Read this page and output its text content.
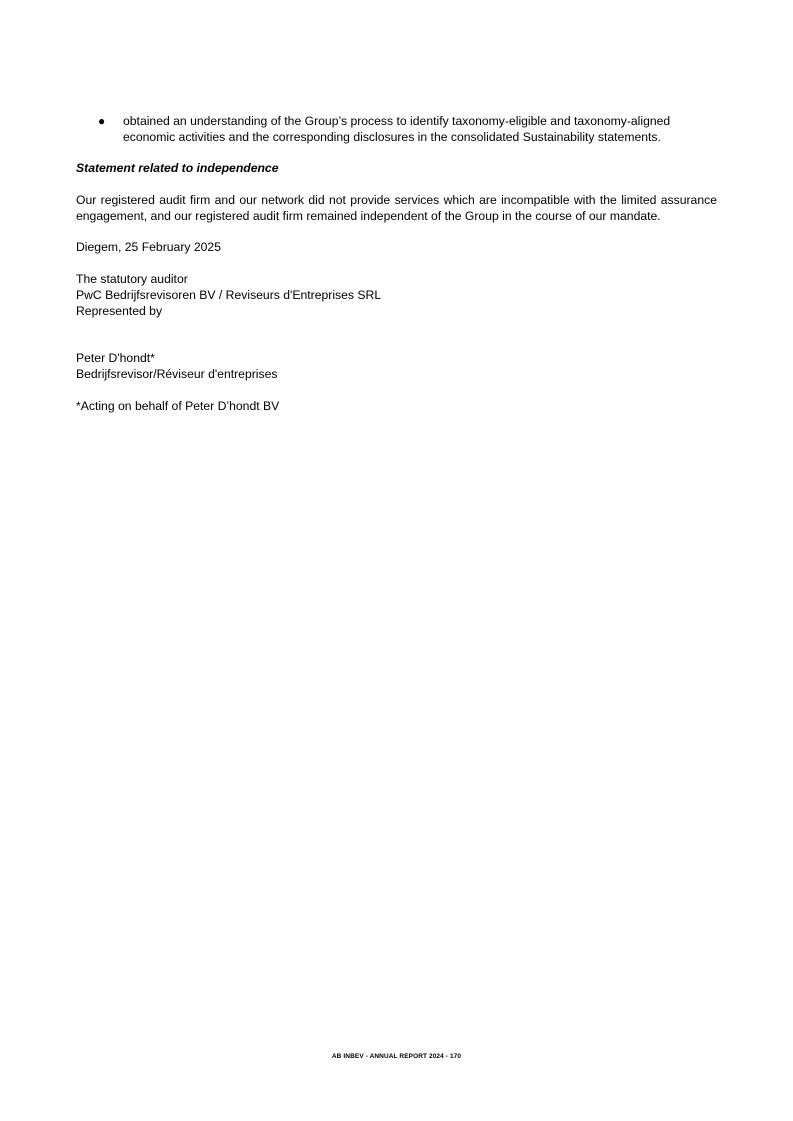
●	obtained an understanding of the Group’s process to identify taxonomy-eligible and taxonomy-aligned economic activities and the corresponding disclosures in the consolidated Sustainability statements.
Statement related to independence
Our registered audit firm and our network did not provide services which are incompatible with the limited assurance engagement, and our registered audit firm remained independent of the Group in the course of our mandate.
Diegem, 25 February 2025
The statutory auditor
PwC Bedrijfsrevisoren BV / Reviseurs d'Entreprises SRL
Represented by
Peter D'hondt*
Bedrijfsrevisor/Réviseur d'entreprises
*Acting on behalf of Peter D’hondt BV
AB INBEV - ANNUAL REPORT 2024 - 170
